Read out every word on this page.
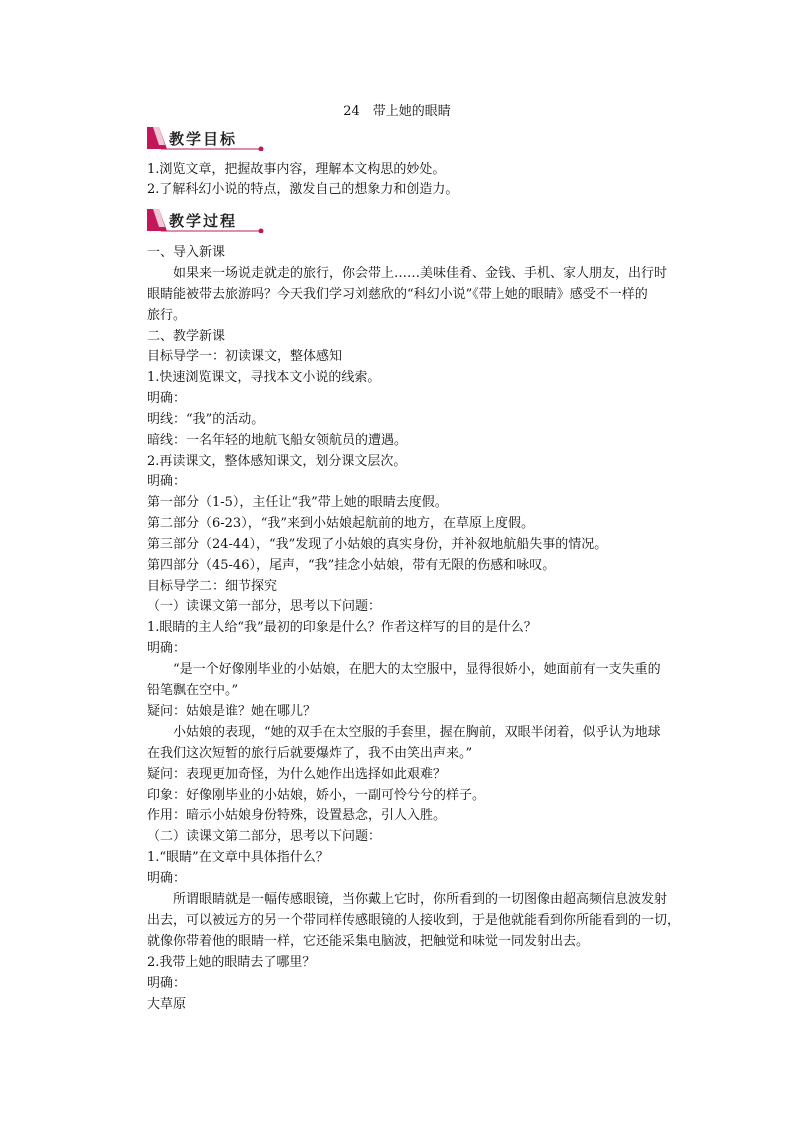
24　带上她的眼睛
教学目标
1.浏览文章，把握故事内容，理解本文构思的妙处。
2.了解科幻小说的特点，激发自己的想象力和创造力。
教学过程
一、导入新课
如果来一场说走就走的旅行，你会带上……美味佳肴、金钱、手机、家人朋友，出行时
眼睛能被带去旅游吗？今天我们学习刘慈欣的“科幻小说”《带上她的眼睛》感受不一样的
旅行。
二、教学新课
目标导学一：初读课文，整体感知
1.快速浏览课文，寻找本文小说的线索。
明确：
明线：“我”的活动。
暗线：一名年轻的地航飞船女领航员的遭遇。
2.再读课文，整体感知课文，划分课文层次。
明确：
第一部分（1-5），主任让“我”带上她的眼睛去度假。
第二部分（6-23），“我”来到小姑娘起航前的地方，在草原上度假。
第三部分（24-44），“我”发现了小姑娘的真实身份，并补叙地航船失事的情况。
第四部分（45-46），尾声，“我”挂念小姑娘，带有无限的伤感和咏叹。
目标导学二：细节探究
（一）读课文第一部分，思考以下问题：
1.眼睛的主人给“我”最初的印象是什么？作者这样写的目的是什么？
明确：
“是一个好像刚毕业的小姑娘，在肥大的太空服中，显得很娇小，她面前有一支失重的
铅笔飘在空中。”
疑问：姑娘是谁？她在哪儿？
小姑娘的表现，“她的双手在太空服的手套里，握在胸前，双眼半闭着，似乎认为地球
在我们这次短暂的旅行后就要爆炸了，我不由笑出声来。”
疑问：表现更加奇怪，为什么她作出选择如此艰难？
印象：好像刚毕业的小姑娘，娇小，一副可怜兮兮的样子。
作用：暗示小姑娘身份特殊，设置悬念，引人入胜。
（二）读课文第二部分，思考以下问题：
1.“眼睛”在文章中具体指什么？
明确：
所谓眼睛就是一幅传感眼镜，当你戴上它时，你所看到的一切图像由超高频信息波发射
出去，可以被远方的另一个带同样传感眼镜的人接收到，于是他就能看到你所能看到的一切，
就像你带着他的眼睛一样，它还能采集电脑波，把触觉和味觉一同发射出去。
2.我带上她的眼睛去了哪里？
明确：
大草原
